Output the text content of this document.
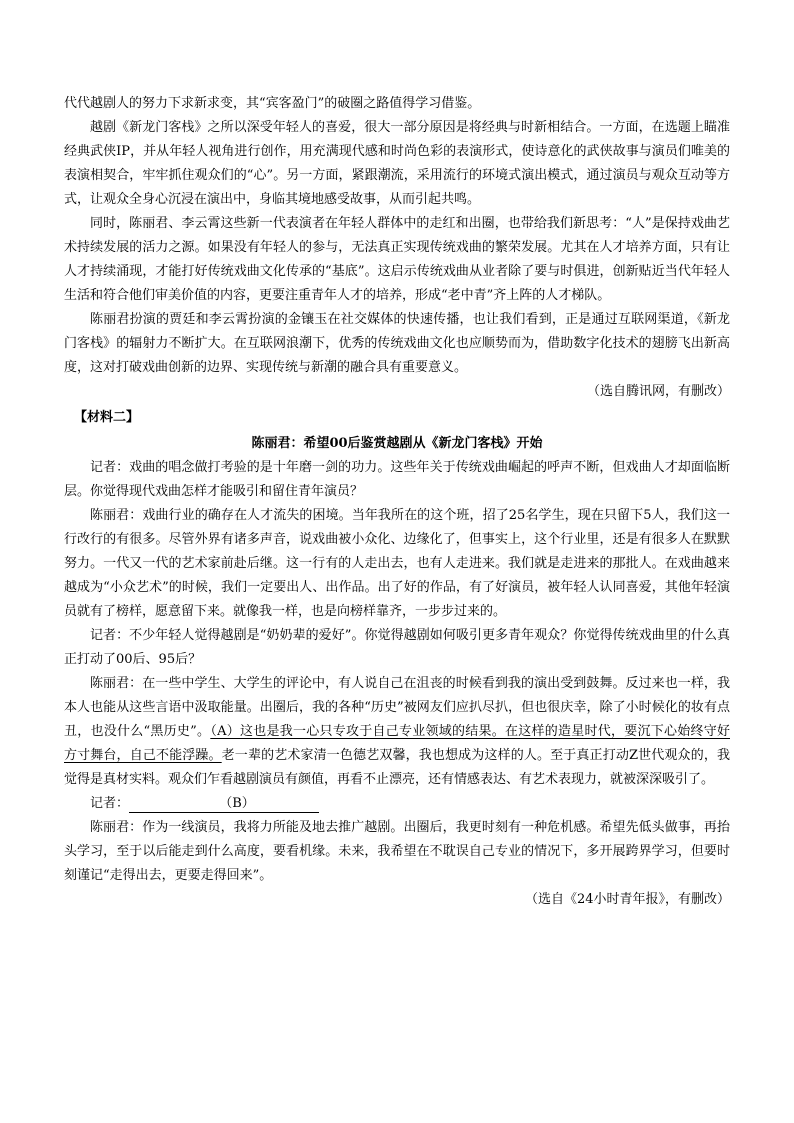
代代越剧人的努力下求新求变，其“宾客盈门”的破圈之路值得学习借鉴。

越剧《新龙门客栈》之所以深受年轻人的喜爱，很大一部分原因是将经典与时新相结合。一方面，在选题上瞄准经典武侠IP，并从年轻人视角进行创作，用充满现代感和时尚色彩的表演形式，使诗意化的武侠故事与演员们唯美的表演相契合，牢牢抓住观众们的“心”。另一方面，紧跟潮流，采用流行的环境式演出模式，通过演员与观众互动等方式，让观众全身心沉浸在演出中，身临其境地感受故事，从而引起共鸣。

同时，陈丽君、李云霄这些新一代表演者在年轻人群体中的走红和出圈，也带给我们新思考：“人”是保持戏曲艺术持续发展的活力之源。如果没有年轻人的参与，无法真正实现传统戏曲的繁荣发展。尤其在人才培养方面，只有让人才持续涌现，才能打好传统戏曲文化传承的“基底”。这启示传统戏曲从业者除了要与时俱进，创新贴近当代年轻人生活和符合他们审美价值的内容，更要注重青年人才的培养，形成“老中青”齐上阵的人才梯队。

陈丽君扮演的贾廷和李云霄扮演的金镶玉在社交媒体的快速传播，也让我们看到，正是通过互联网渠道，《新龙门客栈》的辐射力不断扩大。在互联网浪潮下，优秀的传统戏曲文化也应顺势而为，借助数字化技术的翅膀飞出新高度，这对打破戏曲创新的边界、实现传统与新潮的融合具有重要意义。

（选自腾讯网，有删改）

【材料二】

陈丽君：希望00后鉴赏越剧从《新龙门客栈》开始

记者：戏曲的唱念做打考验的是十年磨一剑的功力。这些年关于传统戏曲崛起的呼声不断，但戏曲人才却面临断层。你觉得现代戏曲怎样才能吸引和留住青年演员？

陈丽君：戏曲行业的确存在人才流失的困境。当年我所在的这个班，招了25名学生，现在只留下5人，我们这一行改行的有很多。尽管外界有诸多声音，说戏曲被小众化、边缘化了，但事实上，这个行业里，还是有很多人在默默努力。一代又一代的艺术家前赴后继。这一行有的人走出去，也有人走进来。我们就是走进来的那批人。在戏曲越来越成为“小众艺术”的时候，我们一定要出人、出作品。出了好的作品，有了好演员，被年轻人认同喜爱，其他年轻演员就有了榜样，愿意留下来。就像我一样，也是向榜样靠齐，一步步过来的。

记者：不少年轻人觉得越剧是“奶奶辈的爱好”。你觉得越剧如何吸引更多青年观众？你觉得传统戏曲里的什么真正打动了00后、95后？

陈丽君：在一些中学生、大学生的评论中，有人说自己在沮丧的时候看到我的演出受到鼓舞。反过来也一样，我本人也能从这些言语中汲取能量。出圈后，我的各种“历史”被网友们应扒尽扒，但也很庆幸，除了小时候化的妆有点丑，也没什么“黑历史”。（A）这也是我一心只专攻于自己专业领域的结果。在这样的造星时代，要沉下心始终守好方寸舞台，自己不能浮躁。老一辈的艺术家清一色德艺双馨，我也想成为这样的人。至于真正打动Z世代观众的，我觉得是真材实料。观众们乍看越剧演员有颜值，再看不止漂亮，还有情感表达、有艺术表现力，就被深深吸引了。

记者：	（B）

陈丽君：作为一线演员，我将力所能及地去推广越剧。出圈后，我更时刻有一种危机感。希望先低头做事，再抬头学习，至于以后能走到什么高度，要看机缘。未来，我希望在不耽误自己专业的情况下，多开展跨界学习，但要时刻谨记“走得出去，更要走得回来”。

（选自《24小时青年报》，有删改）
